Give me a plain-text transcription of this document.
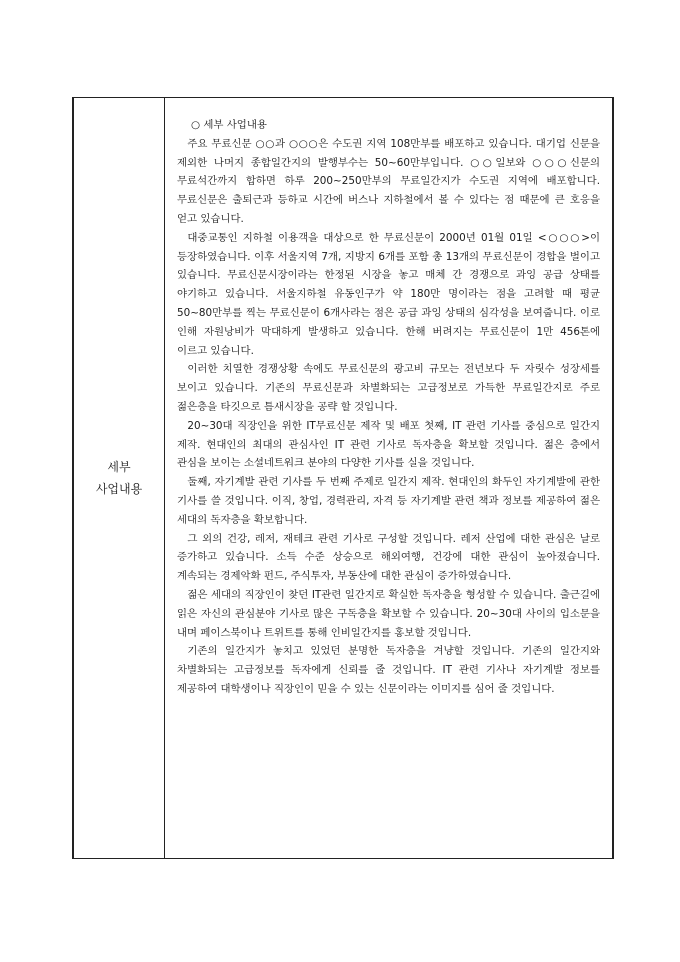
세부
사업내용
○ 세부 사업내용

주요 무료신문 ○○과 ○○○은 수도권 지역 108만부를 배포하고 있습니다. 대기업 신문을 제외한 나머지 종합일간지의 발행부수는 50~60만부입니다. ○○일보와 ○○○신문의 무료석간까지 합하면 하루 200~250만부의 무료일간지가 수도권 지역에 배포합니다. 무료신문은 출퇴근과 등하교 시간에 버스나 지하철에서 볼 수 있다는 점 때문에 큰 호응을 얻고 있습니다.

대중교통인 지하철 이용객을 대상으로 한 무료신문이 2000년 01월 01일 <○○○>이 등장하였습니다. 이후 서울지역 7개, 지방지 6개를 포함 총 13개의 무료신문이 경합을 벌이고 있습니다. 무료신문시장이라는 한정된 시장을 놓고 매체 간 경쟁으로 과잉 공급 상태를 야기하고 있습니다. 서울지하철 유동인구가 약 180만 명이라는 점을 고려할 때 평균 50~80만부를 찍는 무료신문이 6개사라는 점은 공급 과잉 상태의 심각성을 보여줍니다. 이로 인해 자원낭비가 막대하게 발생하고 있습니다. 한해 버려지는 무료신문이 1만 456톤에 이르고 있습니다.

이러한 치열한 경쟁상황 속에도 무료신문의 광고비 규모는 전년보다 두 자릿수 성장세를 보이고 있습니다. 기존의 무료신문과 차별화되는 고급정보로 가득한 무료일간지로 주로 젊은층을 타깃으로 틈새시장을 공략 할 것입니다.

20~30대 직장인을 위한 IT무료신문 제작 및 배포 첫째, IT 관련 기사를 중심으로 일간지 제작. 현대인의 최대의 관심사인 IT 관련 기사로 독자층을 확보할 것입니다. 젊은 층에서 관심을 보이는 소셜네트워크 분야의 다양한 기사를 실을 것입니다.

둘째, 자기계발 관련 기사를 두 번째 주제로 일간지 제작. 현대인의 화두인 자기계발에 관한 기사를 쓸 것입니다. 이직, 창업, 경력관리, 자격 등 자기계발 관련 책과 정보를 제공하여 젊은 세대의 독자층을 확보합니다.

그 외의 건강, 레저, 재테크 관련 기사로 구성할 것입니다. 레저 산업에 대한 관심은 날로 증가하고 있습니다. 소득 수준 상승으로 해외여행, 건강에 대한 관심이 높아졌습니다. 계속되는 경제악화 펀드, 주식투자, 부동산에 대한 관심이 증가하였습니다.

젊은 세대의 직장인이 찾던 IT관련 일간지로 확실한 독자층을 형성할 수 있습니다. 출근길에 읽은 자신의 관심분야 기사로 많은 구독층을 확보할 수 있습니다. 20~30대 사이의 입소문을 내며 페이스북이나 트위트를 통해 인비일간지를 홍보할 것입니다.

기존의 일간지가 놓치고 있었던 분명한 독자층을 겨냥할 것입니다. 기존의 일간지와 차별화되는 고급정보를 독자에게 신뢰를 줄 것입니다. IT 관련 기사나 자기계발 정보를 제공하여 대학생이나 직장인이 믿을 수 있는 신문이라는 이미지를 심어 줄 것입니다.
